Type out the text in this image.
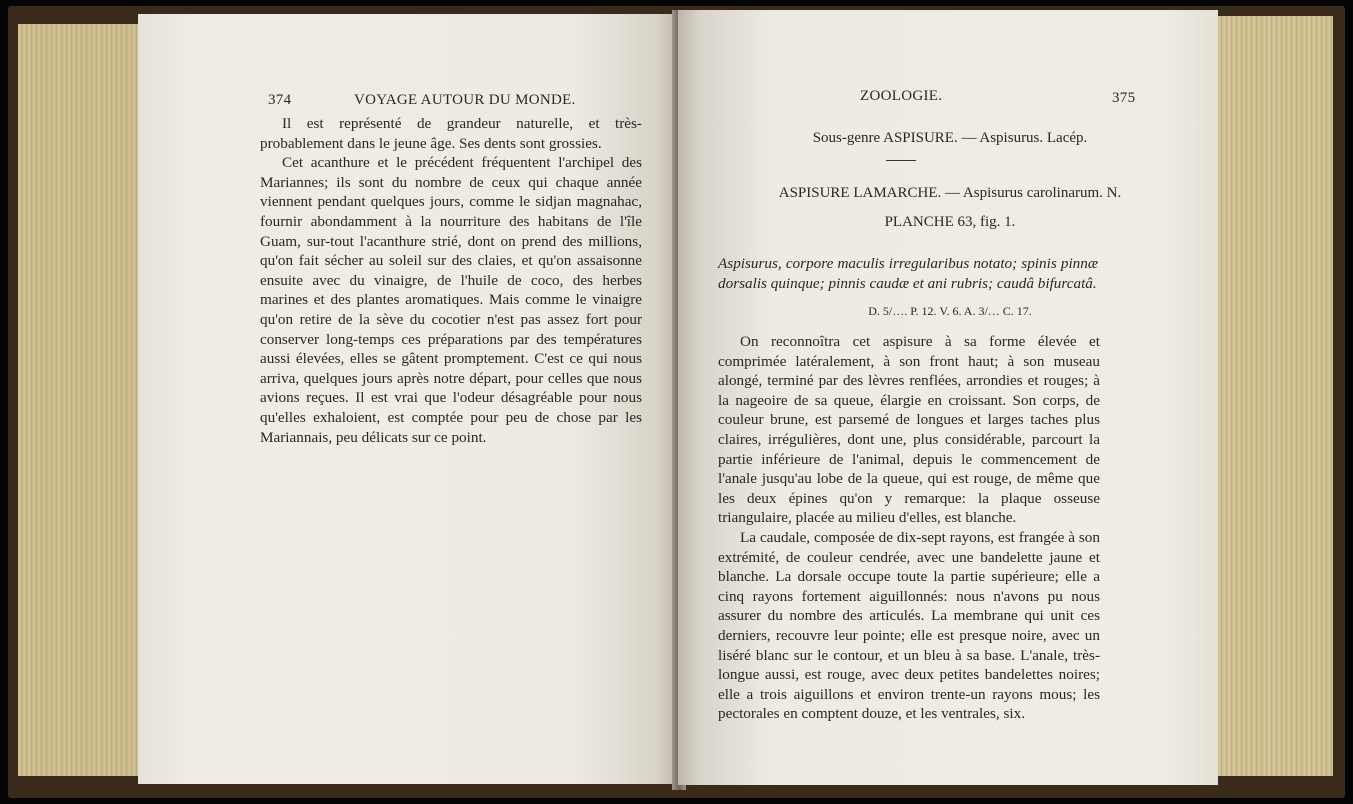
374	VOYAGE AUTOUR DU MONDE.

Il est représenté de grandeur naturelle, et très-probablement dans le jeune âge. Ses dents sont grossies.

Cet acanthure et le précédent fréquentent l'archipel des Mariannes; ils sont du nombre de ceux qui chaque année viennent pendant quelques jours, comme le sidjan magnahac, fournir abondamment à la nourriture des habitans de l'île Guam, sur-tout l'acanthure strié, dont on prend des millions, qu'on fait sécher au soleil sur des claies, et qu'on assaisonne ensuite avec du vinaigre, de l'huile de coco, des herbes marines et des plantes aromatiques. Mais comme le vinaigre qu'on retire de la sève du cocotier n'est pas assez fort pour conserver long-temps ces préparations par des températures aussi élevées, elles se gâtent promptement. C'est ce qui nous arriva, quelques jours après notre départ, pour celles que nous avions reçues. Il est vrai que l'odeur désagréable pour nous qu'elles exhaloient, est comptée pour peu de chose par les Mariannais, peu délicats sur ce point.

ZOOLOGIE.	375
Sous-genre ASPISURE. — Aspisurus. Lacép.
ASPISURE LAMARCHE. — Aspisurus carolinarum. N.
PLANCHE 63, fig. 1.
Aspisurus, corpore maculis irregularibus notato; spinis pinnæ dorsalis quinque; pinnis caudæ et ani rubris; caudâ bifurcatâ.
D. 5/…. P. 12. V. 6. A. 3/… C. 17.

On reconnoîtra cet aspisure à sa forme élevée et comprimée latéralement, à son front haut; à son museau alongé, terminé par des lèvres renflées, arrondies et rouges; à la nageoire de sa queue, élargie en croissant. Son corps, de couleur brune, est parsemé de longues et larges taches plus claires, irrégulières, dont une, plus considérable, parcourt la partie inférieure de l'animal, depuis le commencement de l'anale jusqu'au lobe de la queue, qui est rouge, de même que les deux épines qu'on y remarque: la plaque osseuse triangulaire, placée au milieu d'elles, est blanche.

La caudale, composée de dix-sept rayons, est frangée à son extrémité, de couleur cendrée, avec une bandelette jaune et blanche. La dorsale occupe toute la partie supérieure; elle a cinq rayons fortement aiguillonnés: nous n'avons pu nous assurer du nombre des articulés. La membrane qui unit ces derniers, recouvre leur pointe; elle est presque noire, avec un liséré blanc sur le contour, et un bleu à sa base. L'anale, très-longue aussi, est rouge, avec deux petites bandelettes noires; elle a trois aiguillons et environ trente-un rayons mous; les pectorales en comptent douze, et les ventrales, six.
